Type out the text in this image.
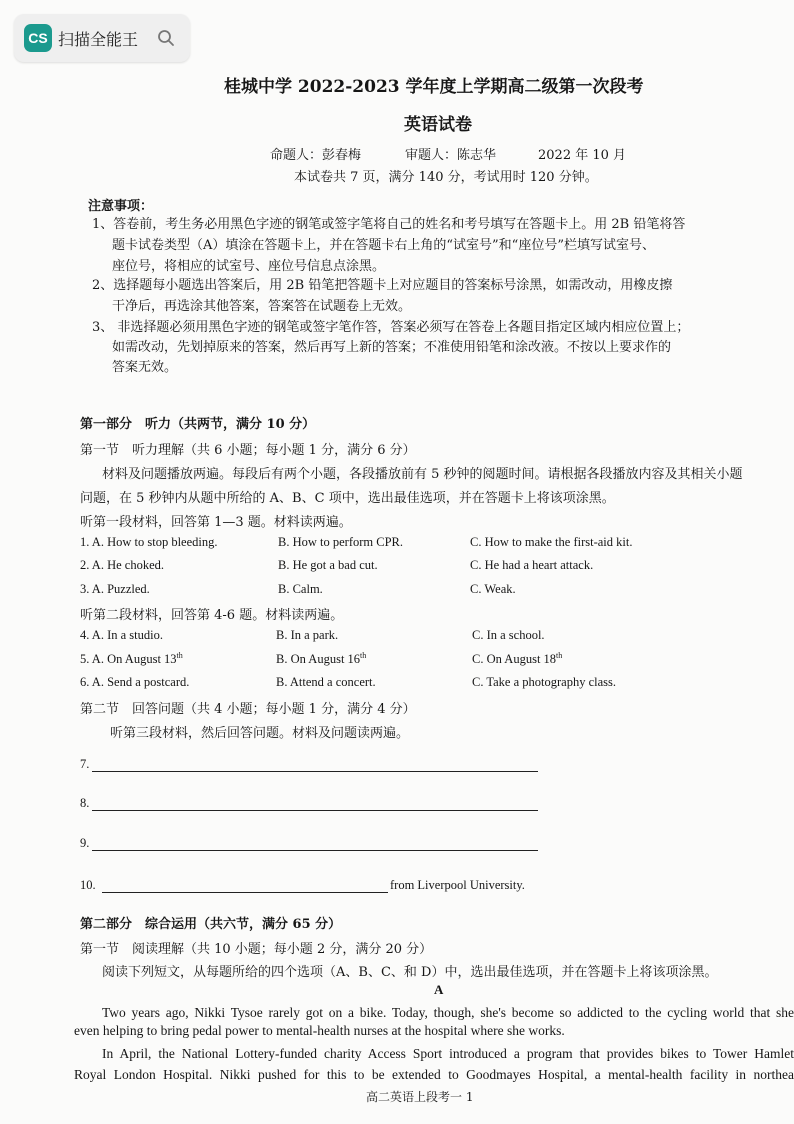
CS 扫描全能王
桂城中学 2022-2023 学年度上学期高二级第一次段考
英语试卷
命题人：彭春梅	审题人：陈志华	2022 年 10 月
本试卷共 7 页，满分 140 分，考试用时 120 分钟。
注意事项：
1、答卷前，考生务必用黑色字迹的钢笔或签字笔将自己的姓名和考号填写在答题卡上。用 2B 铅笔将答
题卡试卷类型（A）填涂在答题卡上，并在答题卡右上角的“试室号”和“座位号”栏填写试室号、
座位号，将相应的试室号、座位号信息点涂黑。
2、选择题每小题选出答案后，用 2B 铅笔把答题卡上对应题目的答案标号涂黑，如需改动，用橡皮擦
干净后，再选涂其他答案，答案答在试题卷上无效。
3、 非选择题必须用黑色字迹的钢笔或签字笔作答，答案必须写在答卷上各题目指定区域内相应位置上；
如需改动，先划掉原来的答案，然后再写上新的答案；不准使用铅笔和涂改液。不按以上要求作的
答案无效。
第一部分　听力（共两节，满分 10 分）
第一节　听力理解（共 6 小题；每小题 1 分，满分 6 分）
材料及问题播放两遍。每段后有两个小题，各段播放前有 5 秒钟的阅题时间。请根据各段播放内容及其相关小题
问题，在 5 秒钟内从题中所给的 A、B、C 项中，选出最佳选项，并在答题卡上将该项涂黑。
听第一段材料，回答第 1—3 题。材料读两遍。
1. A. How to stop bleeding.	B. How to perform CPR.	C. How to make the first-aid kit.
2. A. He choked.	B. He got a bad cut.	C. He had a heart attack.
3. A. Puzzled.	B. Calm.	C. Weak.
听第二段材料，回答第 4-6 题。材料读两遍。
4. A. In a studio.	B. In a park.	C. In a school.
5. A. On August 13th	B. On August 16th	C. On August 18th
6. A. Send a postcard.	B. Attend a concert.	C. Take a photography class.
第二节　回答问题（共 4 小题；每小题 1 分，满分 4 分）
听第三段材料，然后回答问题。材料及问题读两遍。
7.
8.
9.
10.	from Liverpool University.
第二部分　综合运用（共六节，满分 65 分）
第一节　阅读理解（共 10 小题；每小题 2 分，满分 20 分）
阅读下列短文，从每题所给的四个选项（A、B、C、和 D）中，选出最佳选项，并在答题卡上将该项涂黑。
A
Two years ago, Nikki Tysoe rarely got on a bike. Today, though, she's become so addicted to the cycling world that she
even helping to bring pedal power to mental-health nurses at the hospital where she works.
In April, the National Lottery-funded charity Access Sport introduced a program that provides bikes to Tower Hamlet
Royal London Hospital. Nikki pushed for this to be extended to Goodmayes Hospital, a mental-health facility in northea
高二英语上段考一 1
